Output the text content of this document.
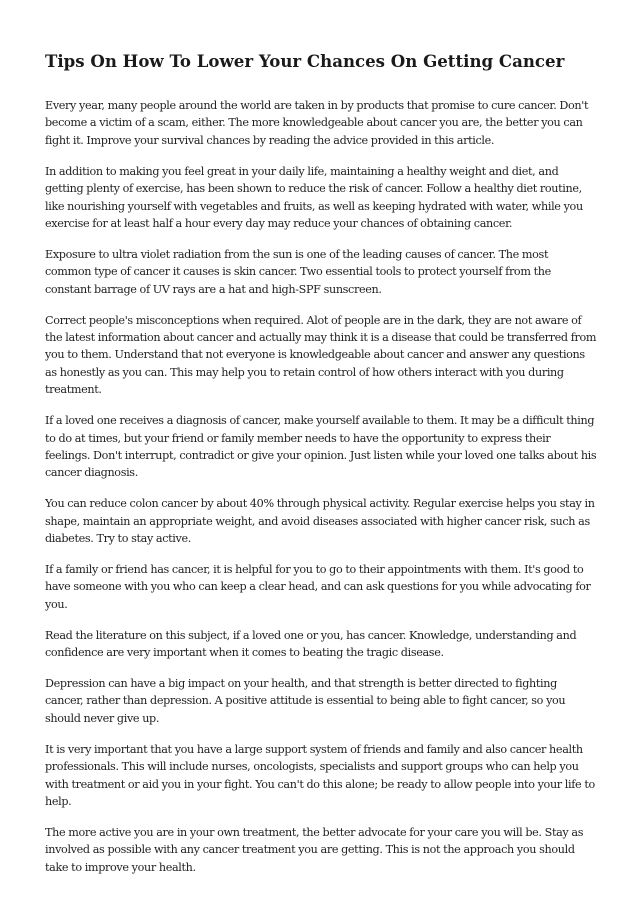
Tips On How To Lower Your Chances On Getting Cancer

Every year, many people around the world are taken in by products that promise to cure cancer. Don't become a victim of a scam, either. The more knowledgeable about cancer you are, the better you can fight it. Improve your survival chances by reading the advice provided in this article.

In addition to making you feel great in your daily life, maintaining a healthy weight and diet, and getting plenty of exercise, has been shown to reduce the risk of cancer. Follow a healthy diet routine, like nourishing yourself with vegetables and fruits, as well as keeping hydrated with water, while you exercise for at least half a hour every day may reduce your chances of obtaining cancer.

Exposure to ultra violet radiation from the sun is one of the leading causes of cancer. The most common type of cancer it causes is skin cancer. Two essential tools to protect yourself from the constant barrage of UV rays are a hat and high-SPF sunscreen.

Correct people's misconceptions when required. Alot of people are in the dark, they are not aware of the latest information about cancer and actually may think it is a disease that could be transferred from you to them. Understand that not everyone is knowledgeable about cancer and answer any questions as honestly as you can. This may help you to retain control of how others interact with you during treatment.

If a loved one receives a diagnosis of cancer, make yourself available to them. It may be a difficult thing to do at times, but your friend or family member needs to have the opportunity to express their feelings. Don't interrupt, contradict or give your opinion. Just listen while your loved one talks about his cancer diagnosis.

You can reduce colon cancer by about 40% through physical activity. Regular exercise helps you stay in shape, maintain an appropriate weight, and avoid diseases associated with higher cancer risk, such as diabetes. Try to stay active.

If a family or friend has cancer, it is helpful for you to go to their appointments with them. It's good to have someone with you who can keep a clear head, and can ask questions for you while advocating for you.

Read the literature on this subject, if a loved one or you, has cancer. Knowledge, understanding and confidence are very important when it comes to beating the tragic disease.

Depression can have a big impact on your health, and that strength is better directed to fighting cancer, rather than depression. A positive attitude is essential to being able to fight cancer, so you should never give up.

It is very important that you have a large support system of friends and family and also cancer health professionals. This will include nurses, oncologists, specialists and support groups who can help you with treatment or aid you in your fight. You can't do this alone; be ready to allow people into your life to help.

The more active you are in your own treatment, the better advocate for your care you will be. Stay as involved as possible with any cancer treatment you are getting. This is not the approach you should take to improve your health.
